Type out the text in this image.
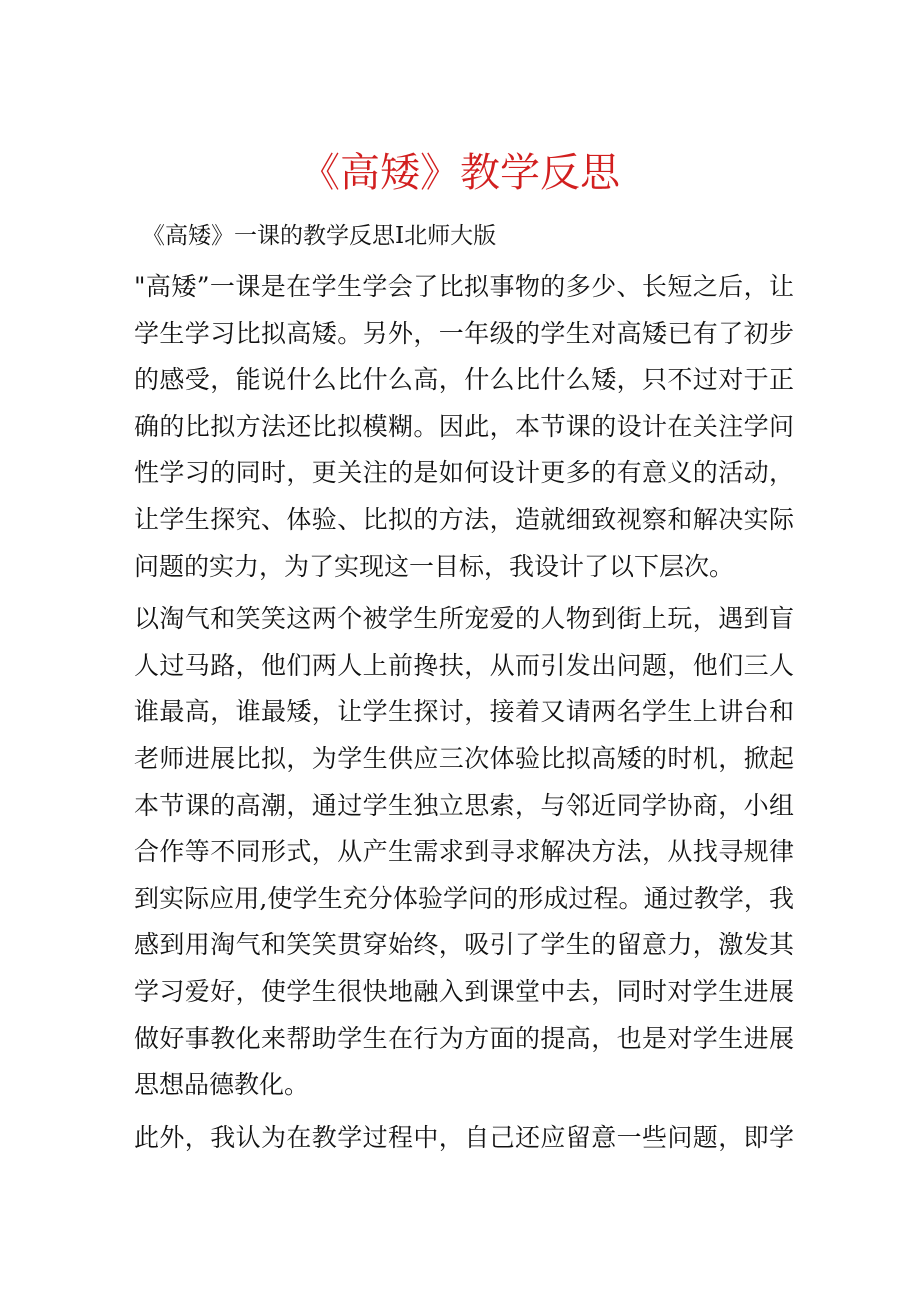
《高矮》教学反思

《高矮》一课的教学反思I北师大版

"高矮”一课是在学生学会了比拟事物的多少、长短之后，让
学生学习比拟高矮。另外，一年级的学生对高矮已有了初步
的感受，能说什么比什么高，什么比什么矮，只不过对于正
确的比拟方法还比拟模糊。因此，本节课的设计在关注学问
性学习的同时，更关注的是如何设计更多的有意义的活动，
让学生探究、体验、比拟的方法，造就细致视察和解决实际
问题的实力，为了实现这一目标，我设计了以下层次。
以淘气和笑笑这两个被学生所宠爱的人物到街上玩，遇到盲
人过马路，他们两人上前搀扶，从而引发出问题，他们三人
谁最高，谁最矮，让学生探讨，接着又请两名学生上讲台和
老师进展比拟，为学生供应三次体验比拟高矮的时机，掀起
本节课的高潮，通过学生独立思索，与邻近同学协商，小组
合作等不同形式，从产生需求到寻求解决方法，从找寻规律
到实际应用,使学生充分体验学问的形成过程。通过教学，我
感到用淘气和笑笑贯穿始终，吸引了学生的留意力，激发其
学习爱好，使学生很快地融入到课堂中去，同时对学生进展
做好事教化来帮助学生在行为方面的提高，也是对学生进展
思想品德教化。
此外，我认为在教学过程中，自己还应留意一些问题，即学
